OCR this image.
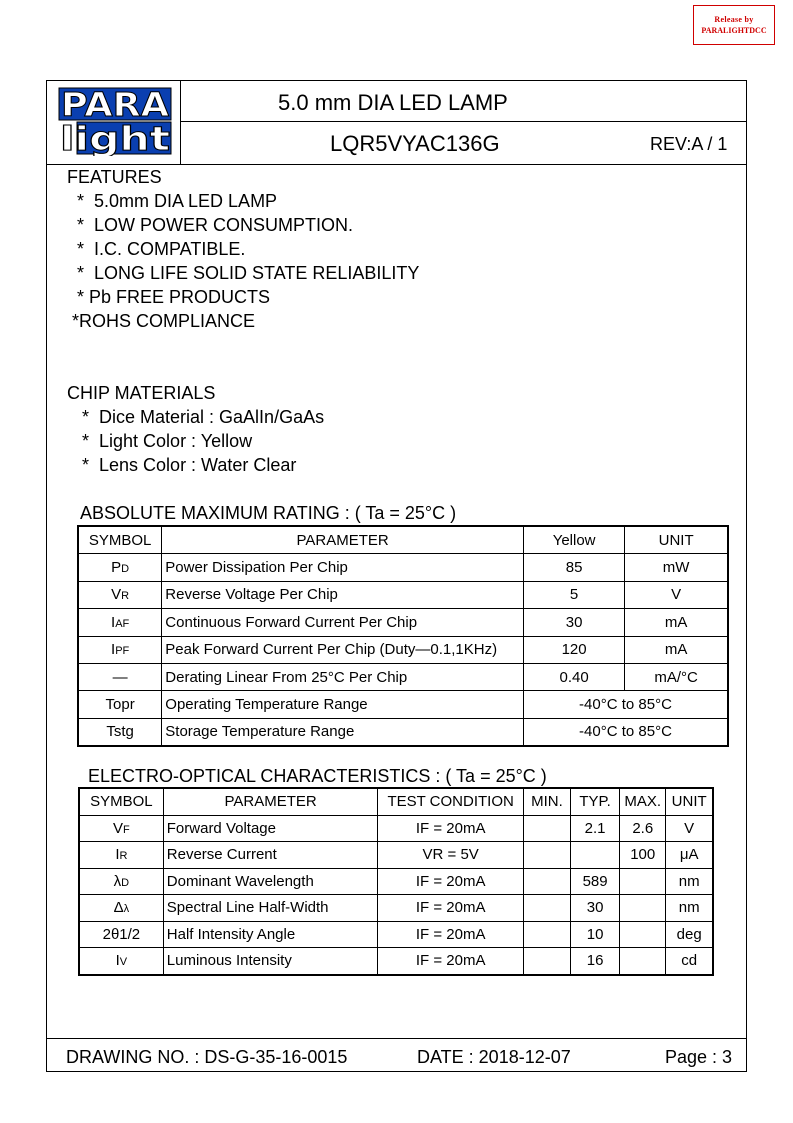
Release by
PARALIGHTDCC
PARA
light
5.0 mm DIA LED LAMP
LQR5VYAC136G	REV:A / 1
FEATURES
*  5.0mm DIA LED LAMP
*  LOW POWER CONSUMPTION.
*  I.C. COMPATIBLE.
*  LONG LIFE SOLID STATE RELIABILITY
* Pb FREE PRODUCTS
*ROHS COMPLIANCE
CHIP MATERIALS
*  Dice Material : GaAlIn/GaAs
*  Light Color : Yellow
*  Lens Color : Water Clear
ABSOLUTE MAXIMUM RATING : ( Ta = 25°C )
SYMBOL	PARAMETER	Yellow	UNIT
PD	Power Dissipation Per Chip	85	mW
VR	Reverse Voltage Per Chip	5	V
IAF	Continuous Forward Current Per Chip	30	mA
IPF	Peak Forward Current Per Chip (Duty—0.1,1KHz)	120	mA
—	Derating Linear From 25°C Per Chip	0.40	mA/°C
Topr	Operating Temperature Range	-40°C to 85°C	
Tstg	Storage Temperature Range	-40°C to 85°C	
ELECTRO-OPTICAL CHARACTERISTICS : ( Ta = 25°C )
SYMBOL	PARAMETER	TEST CONDITION	MIN.	TYP.	MAX.	UNIT
VF	Forward Voltage	IF = 20mA		2.1	2.6	V
IR	Reverse Current	VR = 5V			100	μA
λD	Dominant Wavelength	IF = 20mA		589		nm
Δλ	Spectral Line Half-Width	IF = 20mA		30		nm
2θ1/2	Half Intensity Angle	IF = 20mA		10		deg
IV	Luminous Intensity	IF = 20mA		16		cd
DRAWING NO. : DS-G-35-16-0015	DATE : 2018-12-07	Page : 3
